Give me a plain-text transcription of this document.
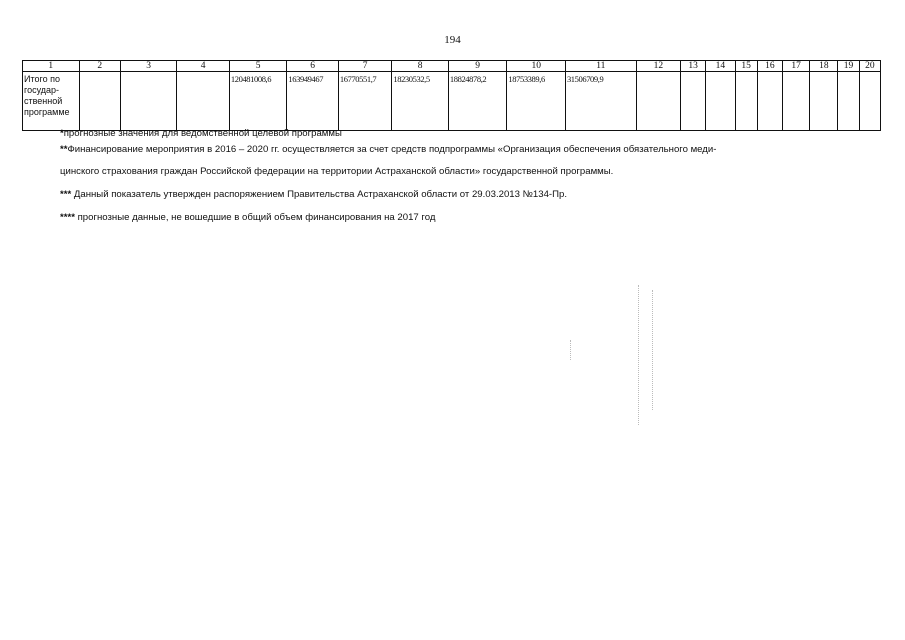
194
1	2	3	4	5	6	7	8	9	10	11	12	13	14	15	16	17	18	19	20
Итого по государ-ственной программе				120481008,6	163949467	16770551,7	18230532,5	18824878,2	18753389,6	31506709,9									
*прогнозные значения для ведомственной целевой программы
**Финансирование мероприятия в 2016 – 2020 гг. осуществляется за счет средств подпрограммы «Организация обеспечения обязательного меди-
цинского страхования граждан Российской федерации на территории Астраханской области» государственной программы.
*** Данный показатель утвержден распоряжением Правительства Астраханской области от 29.03.2013 №134-Пр.
**** прогнозные данные, не вошедшие в общий объем финансирования на 2017 год
